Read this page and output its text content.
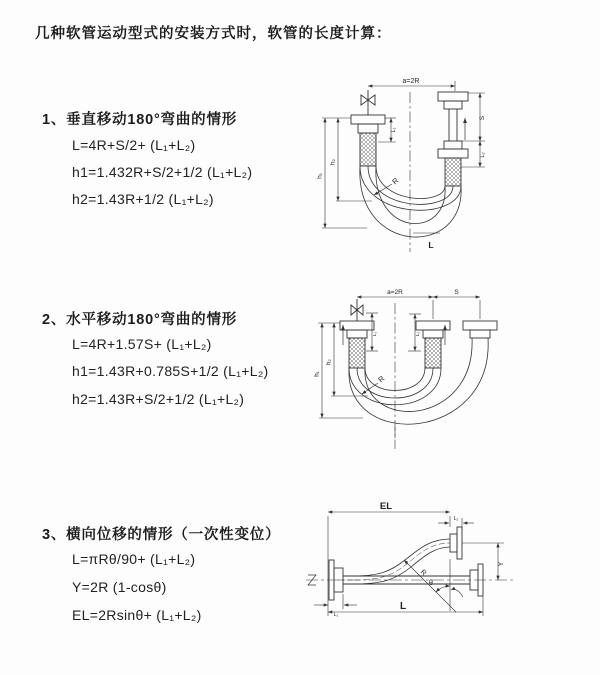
几种软管运动型式的安装方式时，软管的长度计算：
1、垂直移动180°弯曲的情形
L=4R+S/2+ (L₁+L₂)
h1=1.432R+S/2+1/2 (L₁+L₂)
h2=1.43R+1/2 (L₁+L₂)
2、水平移动180°弯曲的情形
L=4R+1.57S+ (L₁+L₂)
h1=1.43R+0.785S+1/2 (L₁+L₂)
h2=1.43R+S/2+1/2 (L₁+L₂)
3、横向位移的情形（一次性变位）
L=πRθ/90+ (L₁+L₂)
Y=2R (1-cosθ)
EL=2Rsinθ+ (L₁+L₂)
a=2R
h₁
h₂
L₁
S
L₂
R
L
a=2R	S
h₁
h₂
L₁	L₂
R
EL
L₂
Y
R
θ
L₁
L
